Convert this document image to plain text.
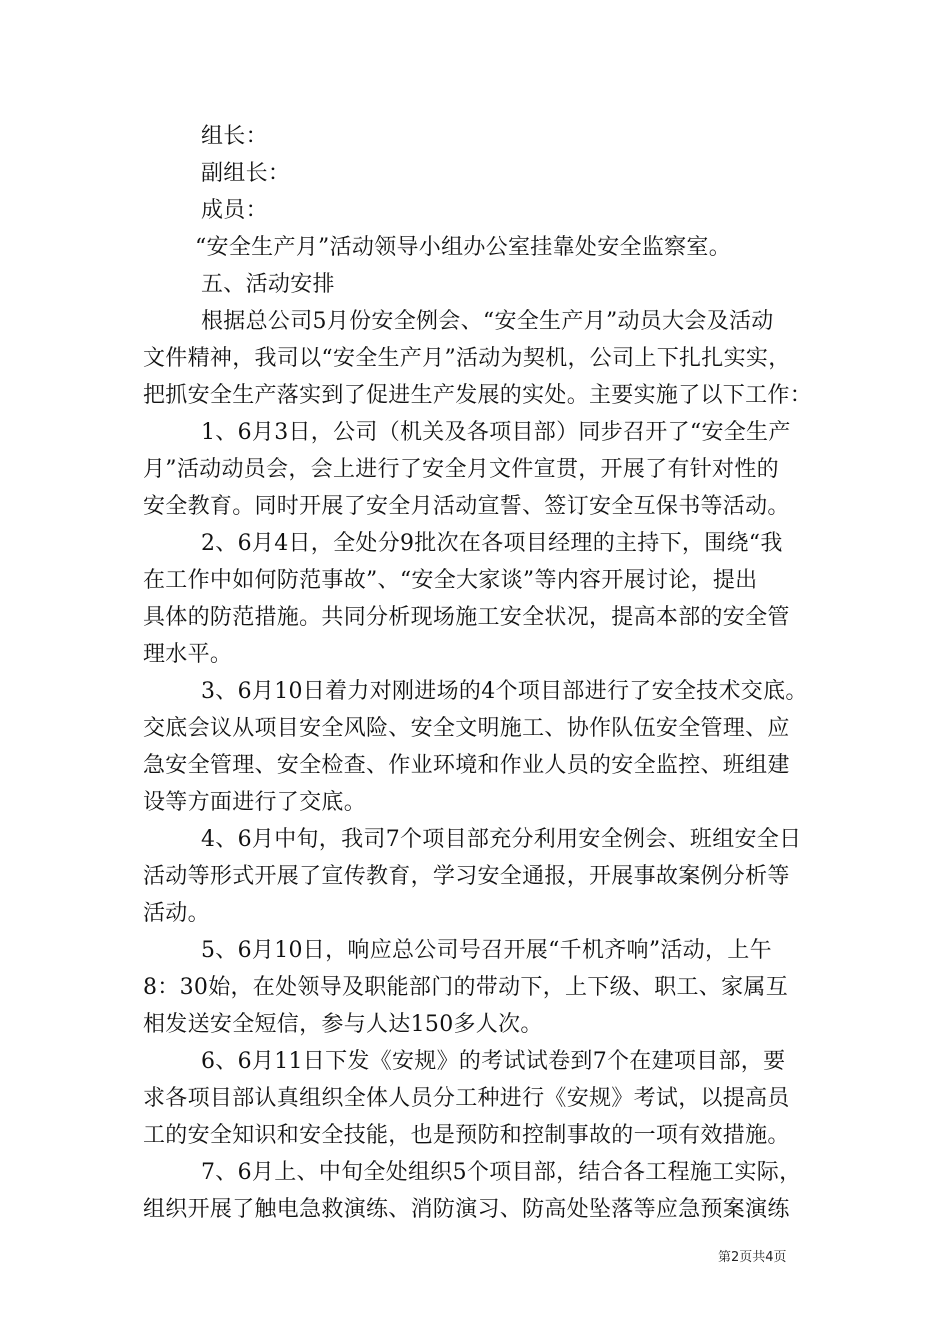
组长：
副组长：
成员：
“安全生产月”活动领导小组办公室挂靠处安全监察室。
五、活动安排
根据总公司5月份安全例会、“安全生产月”动员大会及活动
文件精神，我司以“安全生产月”活动为契机，公司上下扎扎实实，
把抓安全生产落实到了促进生产发展的实处。主要实施了以下工作：
1、6月3日，公司（机关及各项目部）同步召开了“安全生产
月”活动动员会，会上进行了安全月文件宣贯，开展了有针对性的
安全教育。同时开展了安全月活动宣誓、签订安全互保书等活动。
2、6月4日，全处分9批次在各项目经理的主持下，围绕“我
在工作中如何防范事故”、“安全大家谈”等内容开展讨论，提出
具体的防范措施。共同分析现场施工安全状况，提高本部的安全管
理水平。
3、6月10日着力对刚进场的4个项目部进行了安全技术交底。
交底会议从项目安全风险、安全文明施工、协作队伍安全管理、应
急安全管理、安全检查、作业环境和作业人员的安全监控、班组建
设等方面进行了交底。
4、6月中旬，我司7个项目部充分利用安全例会、班组安全日
活动等形式开展了宣传教育，学习安全通报，开展事故案例分析等
活动。
5、6月10日，响应总公司号召开展“千机齐响”活动，上午
8：30始，在处领导及职能部门的带动下，上下级、职工、家属互
相发送安全短信，参与人达150多人次。
6、6月11日下发《安规》的考试试卷到7个在建项目部，要
求各项目部认真组织全体人员分工种进行《安规》考试，以提高员
工的安全知识和安全技能，也是预防和控制事故的一项有效措施。
7、6月上、中旬全处组织5个项目部，结合各工程施工实际，
组织开展了触电急救演练、消防演习、防高处坠落等应急预案演练
第2页共4页
